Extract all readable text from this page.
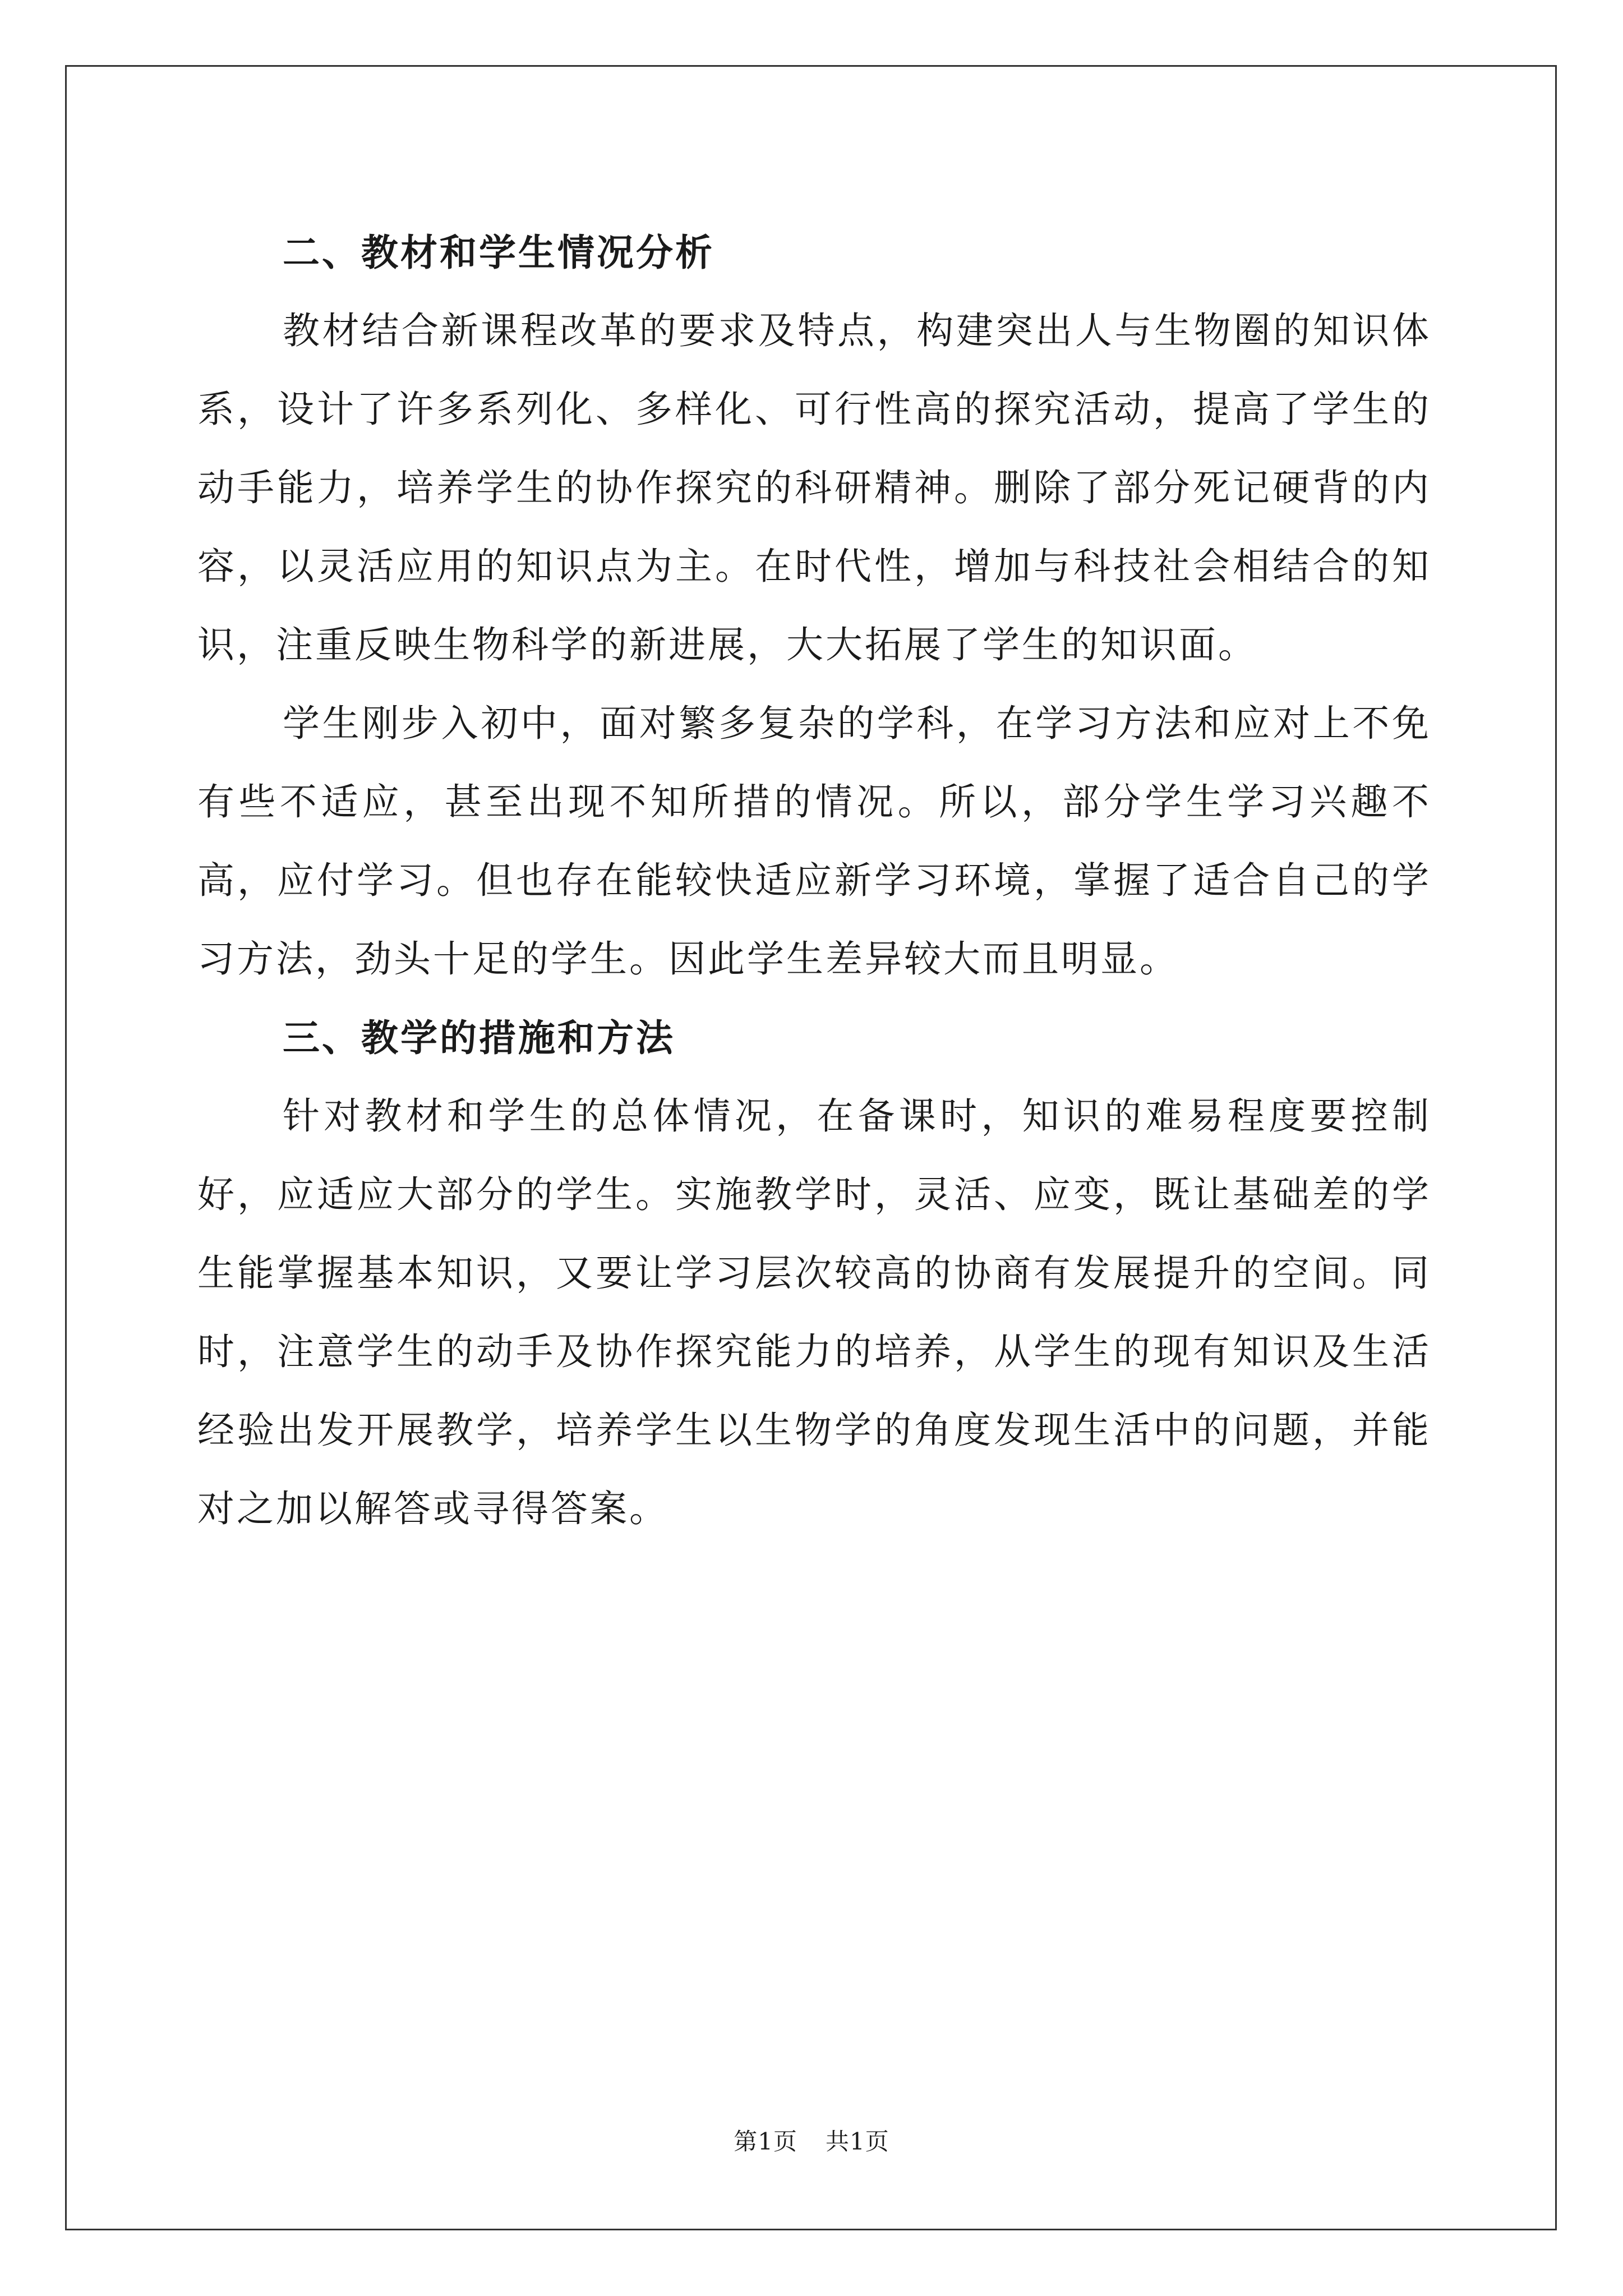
二、教材和学生情况分析

教材结合新课程改革的要求及特点，构建突出人与生物圈的知识体系，设计了许多系列化、多样化、可行性高的探究活动，提高了学生的动手能力，培养学生的协作探究的科研精神。删除了部分死记硬背的内容，以灵活应用的知识点为主。在时代性，增加与科技社会相结合的知识，注重反映生物科学的新进展，大大拓展了学生的知识面。

学生刚步入初中，面对繁多复杂的学科，在学习方法和应对上不免有些不适应，甚至出现不知所措的情况。所以，部分学生学习兴趣不高，应付学习。但也存在能较快适应新学习环境，掌握了适合自己的学习方法，劲头十足的学生。因此学生差异较大而且明显。

三、教学的措施和方法

针对教材和学生的总体情况，在备课时，知识的难易程度要控制好，应适应大部分的学生。实施教学时，灵活、应变，既让基础差的学生能掌握基本知识，又要让学习层次较高的协商有发展提升的空间。同时，注意学生的动手及协作探究能力的培养，从学生的现有知识及生活经验出发开展教学，培养学生以生物学的角度发现生活中的问题，并能对之加以解答或寻得答案。

第1页 共1页
